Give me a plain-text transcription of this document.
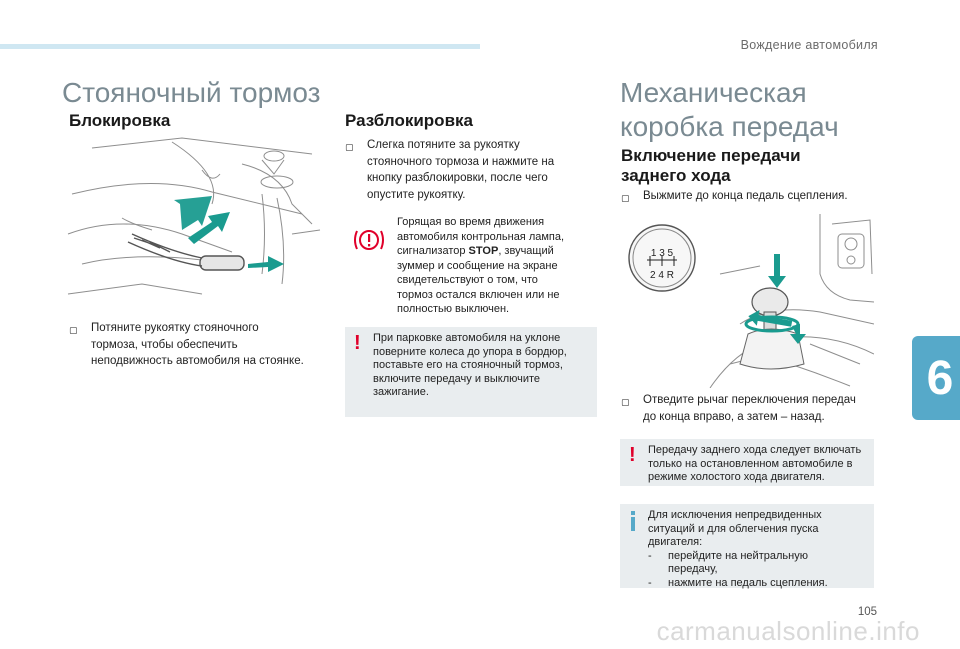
Вождение автомобиля
6
105
carmanualsonline.info
Стояночный тормоз
Блокировка
▢	Потяните рукоятку стояночного
тормоза, чтобы обеспечить
неподвижность автомобиля на стоянке.
Разблокировка
▢	Слегка потяните за рукоятку
стояночного тормоза и нажмите на
кнопку разблокировки, после чего
опустите рукоятку.
Горящая во время движения
автомобиля контрольная лампа,
сигнализатор STOP, звучащий
зуммер и сообщение на экране
свидетельствуют о том, что
тормоз остался включен или не
полностью выключен.
! При парковке автомобиля на уклоне
поверните колеса до упора в бордюр,
поставьте его на стояночный тормоз,
включите передачу и выключите
зажигание.
Механическая
коробка передач
Включение передачи
заднего хода
▢	Выжмите до конца педаль сцепления.
1 3 5
2 4 R
▢	Отведите рычаг переключения передач
до конца вправо, а затем – назад.
! Передачу заднего хода следует включать
только на остановленном автомобиле в
режиме холостого хода двигателя.
Для исключения непредвиденных
ситуаций и для облегчения пуска
двигателя:
-	перейдите на нейтральную
передачу,
-	нажмите на педаль сцепления.
